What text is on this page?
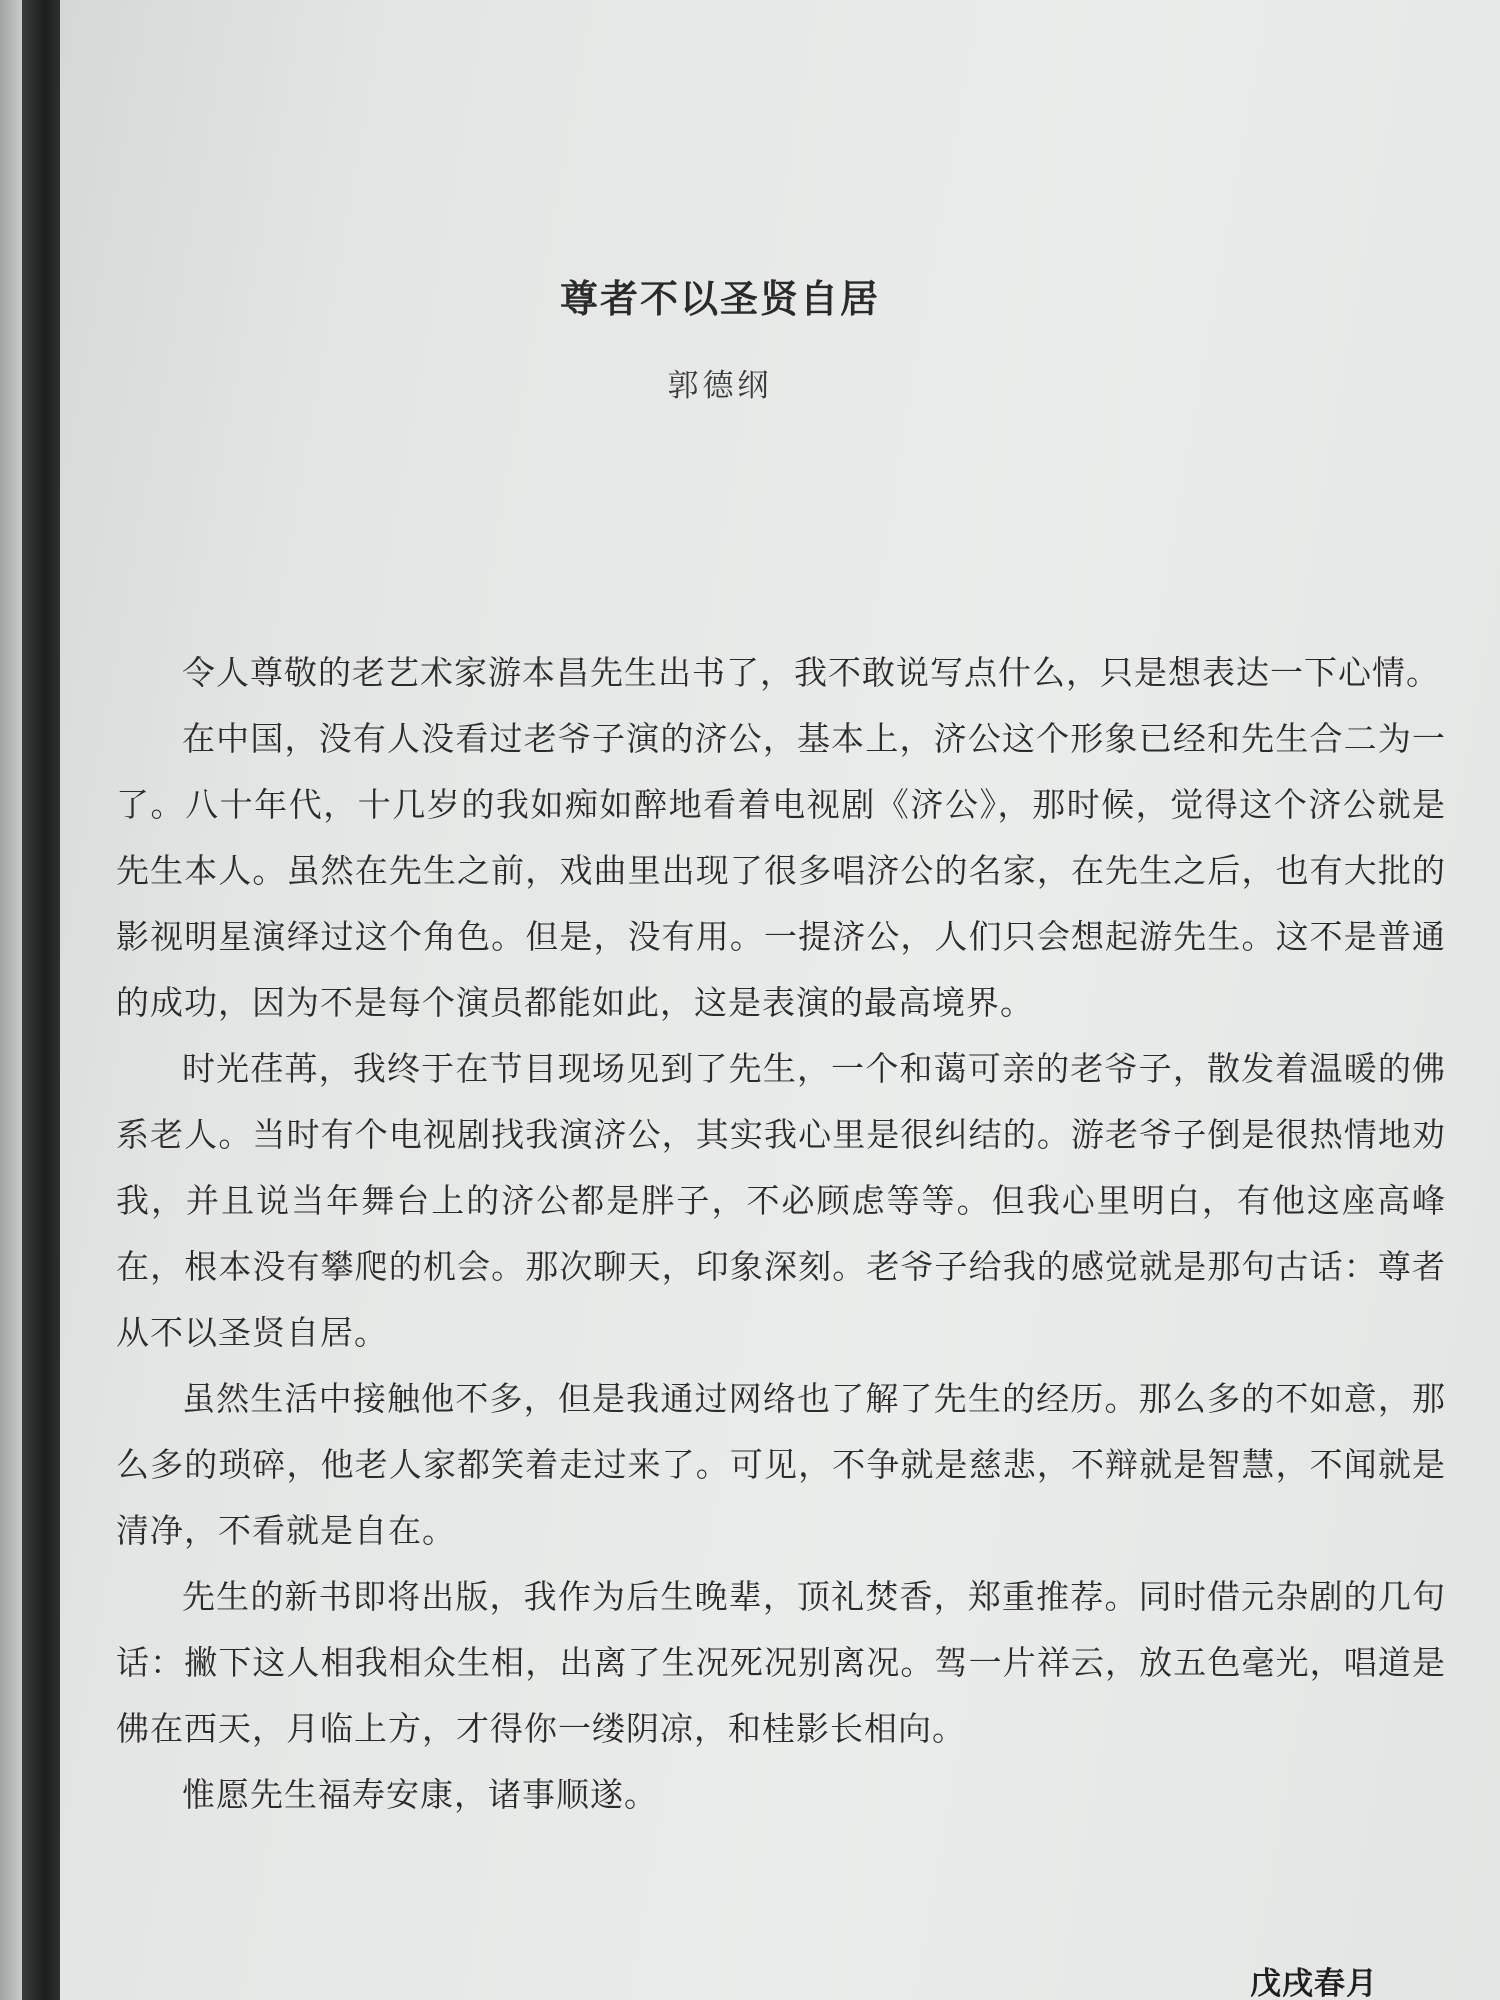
尊者不以圣贤自居
郭德纲

令人尊敬的老艺术家游本昌先生出书了，我不敢说写点什么，只是想表达一下心情。

在中国，没有人没看过老爷子演的济公，基本上，济公这个形象已经和先生合二为一了。八十年代，十几岁的我如痴如醉地看着电视剧《济公》，那时候，觉得这个济公就是先生本人。虽然在先生之前，戏曲里出现了很多唱济公的名家，在先生之后，也有大批的影视明星演绎过这个角色。但是，没有用。一提济公，人们只会想起游先生。这不是普通的成功，因为不是每个演员都能如此，这是表演的最高境界。

时光荏苒，我终于在节目现场见到了先生，一个和蔼可亲的老爷子，散发着温暖的佛系老人。当时有个电视剧找我演济公，其实我心里是很纠结的。游老爷子倒是很热情地劝我，并且说当年舞台上的济公都是胖子，不必顾虑等等。但我心里明白，有他这座高峰在，根本没有攀爬的机会。那次聊天，印象深刻。老爷子给我的感觉就是那句古话：尊者从不以圣贤自居。

虽然生活中接触他不多，但是我通过网络也了解了先生的经历。那么多的不如意，那么多的琐碎，他老人家都笑着走过来了。可见，不争就是慈悲，不辩就是智慧，不闻就是清净，不看就是自在。

先生的新书即将出版，我作为后生晚辈，顶礼焚香，郑重推荐。同时借元杂剧的几句话：撇下这人相我相众生相，出离了生况死况别离况。驾一片祥云，放五色毫光，唱道是佛在西天，月临上方，才得你一缕阴凉，和桂影长相向。

惟愿先生福寿安康，诸事顺遂。

戊戌春月
